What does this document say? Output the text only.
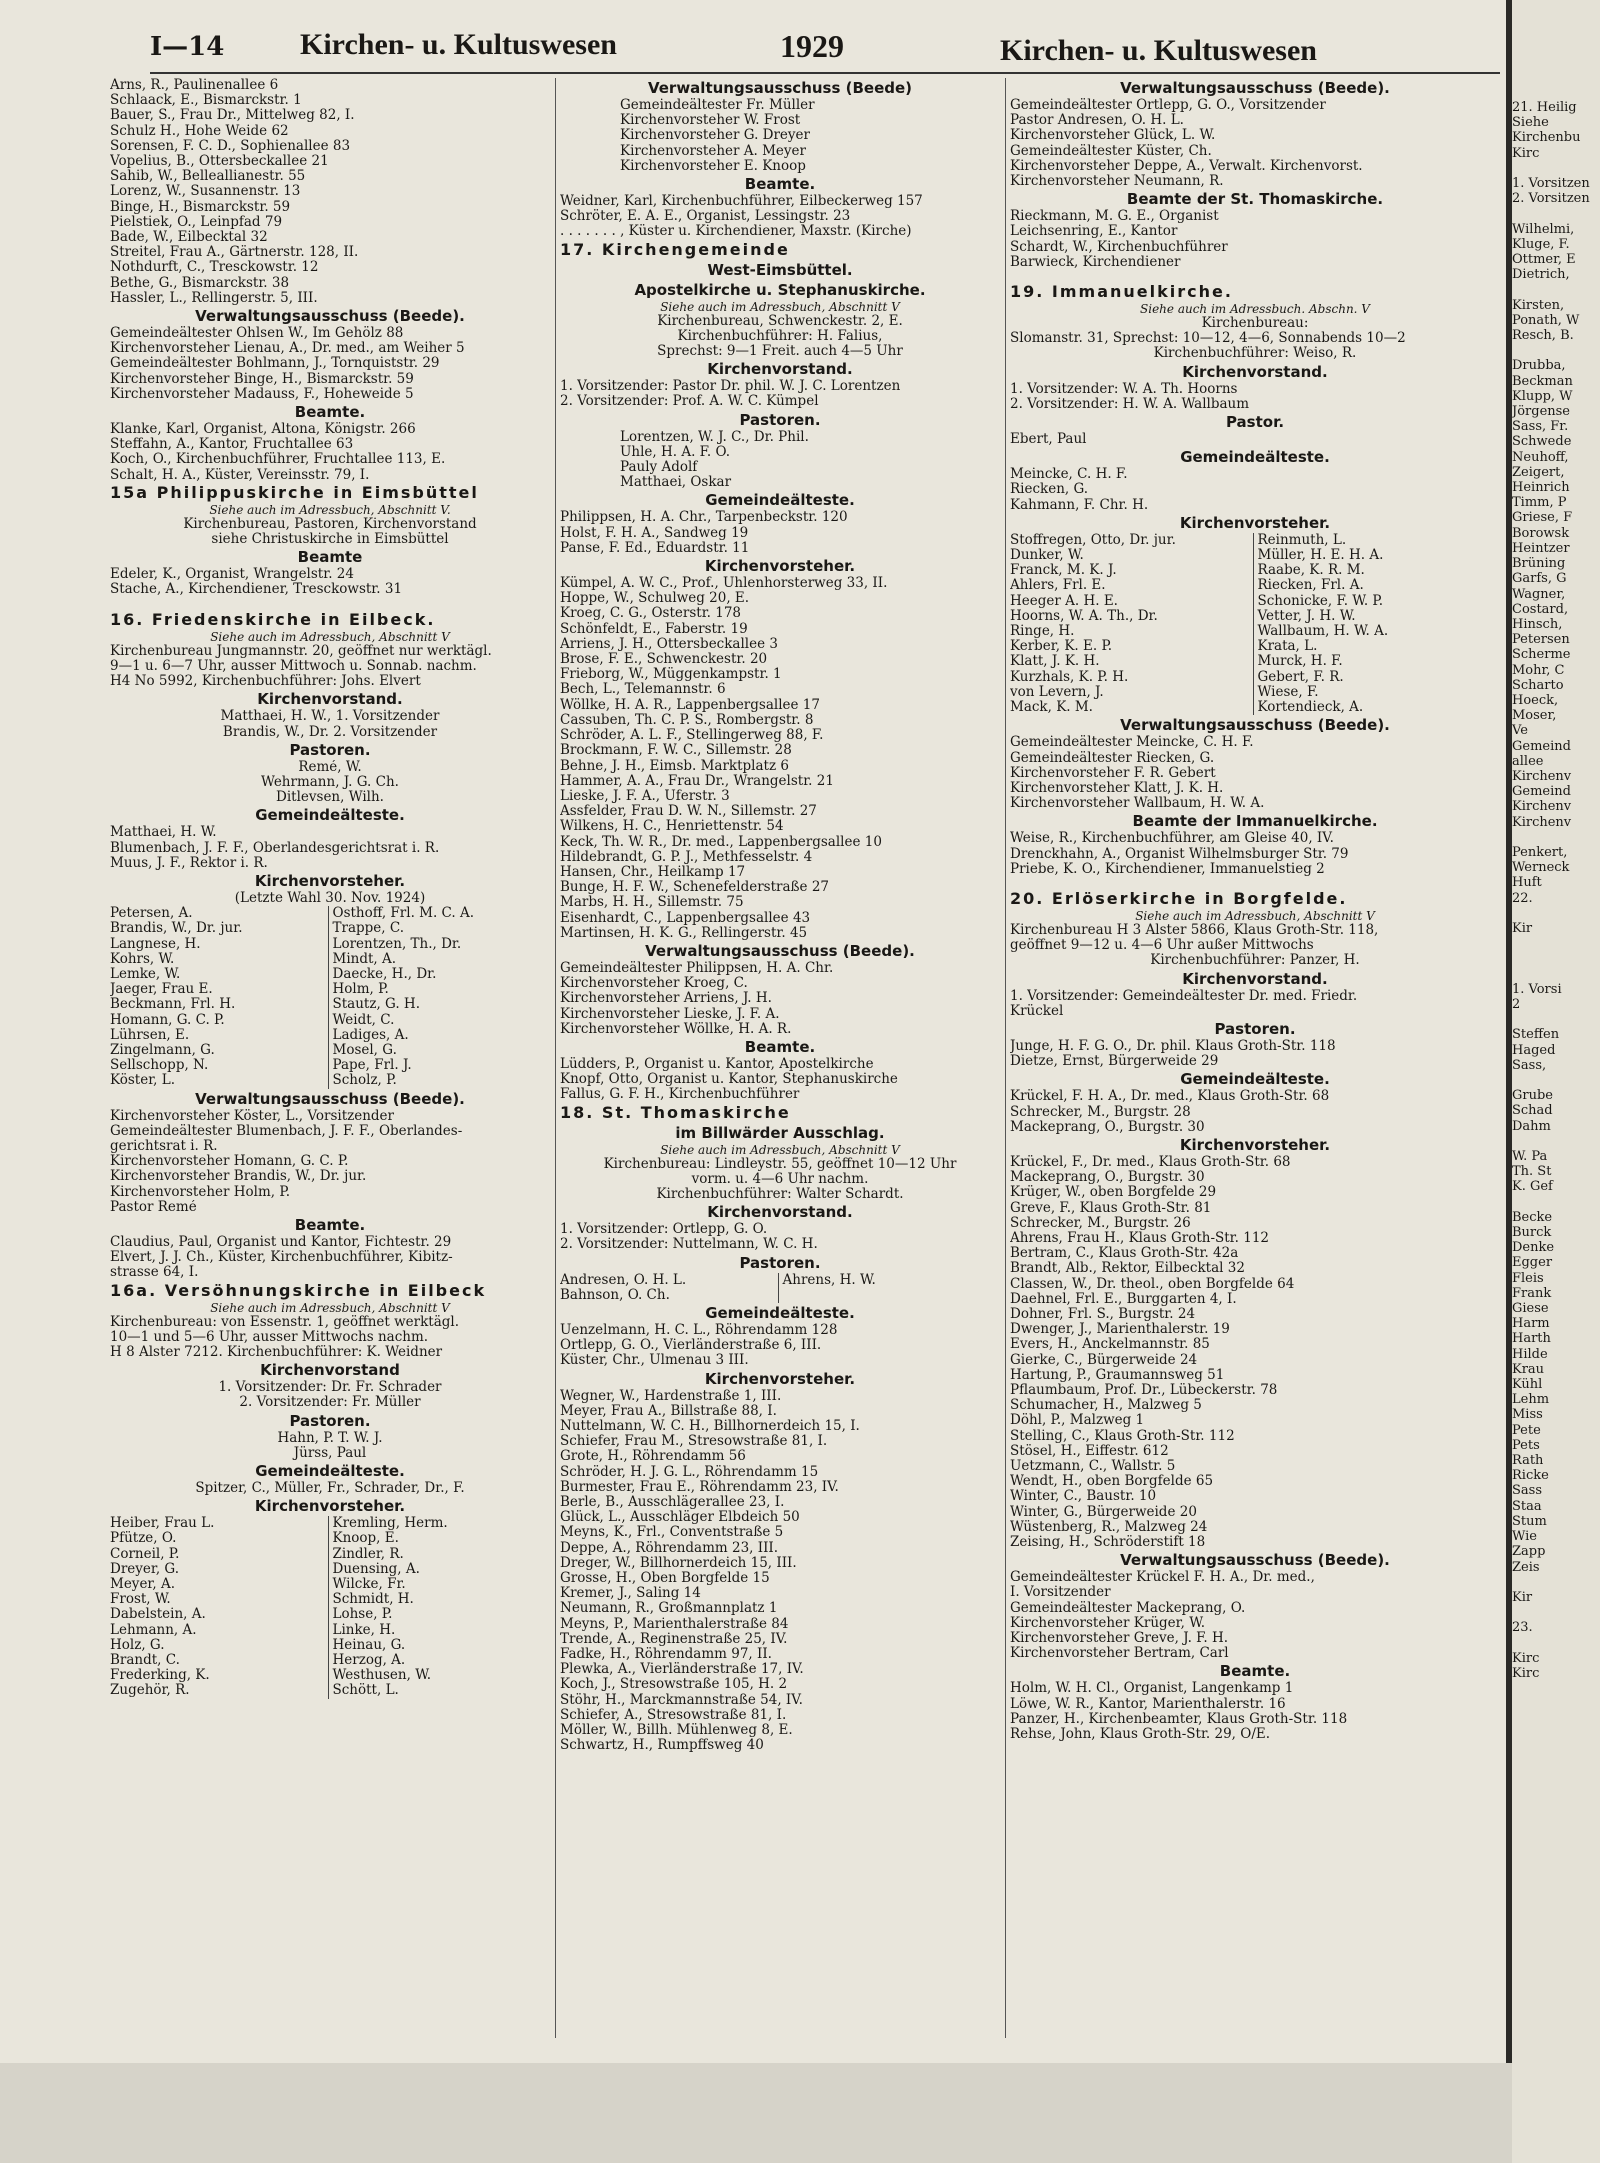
I—14	Kirchen- u. Kultuswesen	1929	Kirchen- u. Kultuswesen
Arns, R., Paulinenallee 6
Schlaack, E., Bismarckstr. 1
Bauer, S., Frau Dr., Mittelweg 82, I.
Schulz H., Hohe Weide 62
Sorensen, F. C. D., Sophienallee 83
Vopelius, B., Ottersbeckallee 21
Sahib, W., Belleallianestr. 55
Lorenz, W., Susannenstr. 13
Binge, H., Bismarckstr. 59
Pielstiek, O., Leinpfad 79
Bade, W., Eilbecktal 32
Streitel, Frau A., Gärtnerstr. 128, II.
Nothdurft, C., Tresckowstr. 12
Bethe, G., Bismarckstr. 38
Hassler, L., Rellingerstr. 5, III.
Verwaltungsausschuss (Beede).
Gemeindeältester Ohlsen W., Im Gehölz 88
Kirchenvorsteher Lienau, A., Dr. med., am Weiher 5
Gemeindeältester Bohlmann, J., Tornquiststr. 29
Kirchenvorsteher Binge, H., Bismarckstr. 59
Kirchenvorsteher Madauss, F., Hoheweide 5
Beamte.
Klanke, Karl, Organist, Altona, Königstr. 266
Steffahn, A., Kantor, Fruchtallee 63
Koch, O., Kirchenbuchführer, Fruchtallee 113, E.
Schalt, H. A., Küster, Vereinsstr. 79, I.
15a Philippuskirche in Eimsbüttel
Siehe auch im Adressbuch, Abschnitt V.
Kirchenbureau, Pastoren, Kirchenvorstand
siehe Christuskirche in Eimsbüttel
Beamte
Edeler, K., Organist, Wrangelstr. 24
Stache, A., Kirchendiener, Tresckowstr. 31
16. Friedenskirche in Eilbeck.
Siehe auch im Adressbuch, Abschnitt V
Kirchenbureau Jungmannstr. 20, geöffnet nur werktägl.
9—1 u. 6—7 Uhr, ausser Mittwoch u. Sonnab. nachm.
H4 No 5992, Kirchenbuchführer: Johs. Elvert
Kirchenvorstand.
Matthaei, H. W., 1. Vorsitzender
Brandis, W., Dr. 2. Vorsitzender
Pastoren.
Remé, W.
Wehrmann, J. G. Ch.
Ditlevsen, Wilh.
Gemeindeälteste.
Matthaei, H. W.
Blumenbach, J. F. F., Oberlandesgerichtsrat i. R.
Muus, J. F., Rektor i. R.
Kirchenvorsteher.
(Letzte Wahl 30. Nov. 1924)
Petersen, A.	Osthoff, Frl. M. C. A.
Brandis, W., Dr. jur.	Trappe, C.
Langnese, H.	Lorentzen, Th., Dr.
Kohrs, W.	Mindt, A.
Lemke, W.	Daecke, H., Dr.
Jaeger, Frau E.	Holm, P.
Beckmann, Frl. H.	Stautz, G. H.
Homann, G. C. P.	Weidt, C.
Lührsen, E.	Ladiges, A.
Zingelmann, G.	Mosel, G.
Sellschopp, N.	Pape, Frl. J.
Köster, L.	Scholz, P.
Verwaltungsausschuss (Beede).
Kirchenvorsteher Köster, L., Vorsitzender
Gemeindeältester Blumenbach, J. F. F., Oberlandes-
gerichtsrat i. R.
Kirchenvorsteher Homann, G. C. P.
Kirchenvorsteher Brandis, W., Dr. jur.
Kirchenvorsteher Holm, P.
Pastor Remé
Beamte.
Claudius, Paul, Organist und Kantor, Fichtestr. 29
Elvert, J. J. Ch., Küster, Kirchenbuchführer, Kibitz-
strasse 64, I.
16a. Versöhnungskirche in Eilbeck
Siehe auch im Adressbuch, Abschnitt V
Kirchenbureau: von Essenstr. 1, geöffnet werktägl.
10—1 und 5—6 Uhr, ausser Mittwochs nachm.
H 8 Alster 7212. Kirchenbuchführer: K. Weidner
Kirchenvorstand
1. Vorsitzender: Dr. Fr. Schrader
2. Vorsitzender: Fr. Müller
Pastoren.
Hahn, P. T. W. J.
Jürss, Paul
Gemeindeälteste.
Spitzer, C., Müller, Fr., Schrader, Dr., F.
Kirchenvorsteher.
Heiber, Frau L.	Kremling, Herm.
Pfütze, O.	Knoop, E.
Corneil, P.	Zindler, R.
Dreyer, G.	Duensing, A.
Meyer, A.	Wilcke, Fr.
Frost, W.	Schmidt, H.
Dabelstein, A.	Lohse, P.
Lehmann, A.	Linke, H.
Holz, G.	Heinau, G.
Brandt, C.	Herzog, A.
Frederking, K.	Westhusen, W.
Zugehör, R.	Schött, L.
Verwaltungsausschuss (Beede)
Gemeindeältester Fr. Müller
Kirchenvorsteher W. Frost
Kirchenvorsteher G. Dreyer
Kirchenvorsteher A. Meyer
Kirchenvorsteher E. Knoop
Beamte.
Weidner, Karl, Kirchenbuchführer, Eilbeckerweg 157
Schröter, E. A. E., Organist, Lessingstr. 23
. . . . . . . , Küster u. Kirchendiener, Maxstr. (Kirche)
17. Kirchengemeinde
West-Eimsbüttel.
Apostelkirche u. Stephanuskirche.
Siehe auch im Adressbuch, Abschnitt V
Kirchenbureau, Schwenckestr. 2, E.
Kirchenbuchführer: H. Falius,
Sprechst: 9—1 Freit. auch 4—5 Uhr
Kirchenvorstand.
1. Vorsitzender: Pastor Dr. phil. W. J. C. Lorentzen
2. Vorsitzender: Prof. A. W. C. Kümpel
Pastoren.
Lorentzen, W. J. C., Dr. Phil.
Uhle, H. A. F. O.
Pauly Adolf
Matthaei, Oskar
Gemeindeälteste.
Philippsen, H. A. Chr., Tarpenbeckstr. 120
Holst, F. H. A., Sandweg 19
Panse, F. Ed., Eduardstr. 11
Kirchenvorsteher.
Kümpel, A. W. C., Prof., Uhlenhorsterweg 33, II.
Hoppe, W., Schulweg 20, E.
Kroeg, C. G., Osterstr. 178
Schönfeldt, E., Faberstr. 19
Arriens, J. H., Ottersbeckallee 3
Brose, F. E., Schwenckestr. 20
Frieborg, W., Müggenkampstr. 1
Bech, L., Telemannstr. 6
Wöllke, H. A. R., Lappenbergsallee 17
Cassuben, Th. C. P. S., Rombergstr. 8
Schröder, A. L. F., Stellingerweg 88, F.
Brockmann, F. W. C., Sillemstr. 28
Behne, J. H., Eimsb. Marktplatz 6
Hammer, A. A., Frau Dr., Wrangelstr. 21
Lieske, J. F. A., Uferstr. 3
Assfelder, Frau D. W. N., Sillemstr. 27
Wilkens, H. C., Henriettenstr. 54
Keck, Th. W. R., Dr. med., Lappenbergsallee 10
Hildebrandt, G. P. J., Methfesselstr. 4
Hansen, Chr., Heilkamp 17
Bunge, H. F. W., Schenefelderstraße 27
Marbs, H. H., Sillemstr. 75
Eisenhardt, C., Lappenbergsallee 43
Martinsen, H. K. G., Rellingerstr. 45
Verwaltungsausschuss (Beede).
Gemeindeältester Philippsen, H. A. Chr.
Kirchenvorsteher Kroeg, C.
Kirchenvorsteher Arriens, J. H.
Kirchenvorsteher Lieske, J. F. A.
Kirchenvorsteher Wöllke, H. A. R.
Beamte.
Lüdders, P., Organist u. Kantor, Apostelkirche
Knopf, Otto, Organist u. Kantor, Stephanuskirche
Fallus, G. F. H., Kirchenbuchführer
18. St. Thomaskirche
im Billwärder Ausschlag.
Siehe auch im Adressbuch, Abschnitt V
Kirchenbureau: Lindleystr. 55, geöffnet 10—12 Uhr
vorm. u. 4—6 Uhr nachm.
Kirchenbuchführer: Walter Schardt.
Kirchenvorstand.
1. Vorsitzender: Ortlepp, G. O.
2. Vorsitzender: Nuttelmann, W. C. H.
Pastoren.
Andresen, O. H. L.	Ahrens, H. W.
Bahnson, O. Ch.
Gemeindeälteste.
Uenzelmann, H. C. L., Röhrendamm 128
Ortlepp, G. O., Vierländerstraße 6, III.
Küster, Chr., Ulmenau 3 III.
Kirchenvorsteher.
Wegner, W., Hardenstraße 1, III.
Meyer, Frau A., Billstraße 88, I.
Nuttelmann, W. C. H., Billhornerdeich 15, I.
Schiefer, Frau M., Stresowstraße 81, I.
Grote, H., Röhrendamm 56
Schröder, H. J. G. L., Röhrendamm 15
Burmester, Frau E., Röhrendamm 23, IV.
Berle, B., Ausschlägerallee 23, I.
Glück, L., Ausschläger Elbdeich 50
Meyns, K., Frl., Conventstraße 5
Deppe, A., Röhrendamm 23, III.
Dreger, W., Billhornerdeich 15, III.
Grosse, H., Oben Borgfelde 15
Kremer, J., Saling 14
Neumann, R., Großmannplatz 1
Meyns, P., Marienthalerstraße 84
Trende, A., Reginenstraße 25, IV.
Fadke, H., Röhrendamm 97, II.
Plewka, A., Vierländerstraße 17, IV.
Koch, J., Stresowstraße 105, H. 2
Stöhr, H., Marckmannstraße 54, IV.
Schiefer, A., Stresowstraße 81, I.
Möller, W., Billh. Mühlenweg 8, E.
Schwartz, H., Rumpffsweg 40
Verwaltungsausschuss (Beede).
Gemeindeältester Ortlepp, G. O., Vorsitzender
Pastor Andresen, O. H. L.
Kirchenvorsteher Glück, L. W.
Gemeindeältester Küster, Ch.
Kirchenvorsteher Deppe, A., Verwalt. Kirchenvorst.
Kirchenvorsteher Neumann, R.
Beamte der St. Thomaskirche.
Rieckmann, M. G. E., Organist
Leichsenring, E., Kantor
Schardt, W., Kirchenbuchführer
Barwieck, Kirchendiener
19. Immanuelkirche.
Siehe auch im Adressbuch. Abschn. V
Kirchenbureau:
Slomanstr. 31, Sprechst: 10—12, 4—6, Sonnabends 10—2
Kirchenbuchführer: Weiso, R.
Kirchenvorstand.
1. Vorsitzender: W. A. Th. Hoorns
2. Vorsitzender: H. W. A. Wallbaum
Pastor.
Ebert, Paul
Gemeindeälteste.
Meincke, C. H. F.
Riecken, G.
Kahmann, F. Chr. H.
Kirchenvorsteher.
Stoffregen, Otto, Dr. jur.	Reinmuth, L.
Dunker, W.	Müller, H. E. H. A.
Franck, M. K. J.	Raabe, K. R. M.
Ahlers, Frl. E.	Riecken, Frl. A.
Heeger A. H. E.	Schonicke, F. W. P.
Hoorns, W. A. Th., Dr.	Vetter, J. H. W.
Ringe, H.	Wallbaum, H. W. A.
Kerber, K. E. P.	Krata, L.
Klatt, J. K. H.	Murck, H. F.
Kurzhals, K. P. H.	Gebert, F. R.
von Levern, J.	Wiese, F.
Mack, K. M.	Kortendieck, A.
Verwaltungsausschuss (Beede).
Gemeindeältester Meincke, C. H. F.
Gemeindeältester Riecken, G.
Kirchenvorsteher F. R. Gebert
Kirchenvorsteher Klatt, J. K. H.
Kirchenvorsteher Wallbaum, H. W. A.
Beamte der Immanuelkirche.
Weise, R., Kirchenbuchführer, am Gleise 40, IV.
Drenckhahn, A., Organist Wilhelmsburger Str. 79
Priebe, K. O., Kirchendiener, Immanuelstieg 2
20. Erlöserkirche in Borgfelde.
Siehe auch im Adressbuch, Abschnitt V
Kirchenbureau H 3 Alster 5866, Klaus Groth-Str. 118,
geöffnet 9—12 u. 4—6 Uhr außer Mittwochs
Kirchenbuchführer: Panzer, H.
Kirchenvorstand.
1. Vorsitzender: Gemeindeältester Dr. med. Friedr.
Krückel
Pastoren.
Junge, H. F. G. O., Dr. phil. Klaus Groth-Str. 118
Dietze, Ernst, Bürgerweide 29
Gemeindeälteste.
Krückel, F. H. A., Dr. med., Klaus Groth-Str. 68
Schrecker, M., Burgstr. 28
Mackeprang, O., Burgstr. 30
Kirchenvorsteher.
Krückel, F., Dr. med., Klaus Groth-Str. 68
Mackeprang, O., Burgstr. 30
Krüger, W., oben Borgfelde 29
Greve, F., Klaus Groth-Str. 81
Schrecker, M., Burgstr. 26
Ahrens, Frau H., Klaus Groth-Str. 112
Bertram, C., Klaus Groth-Str. 42a
Brandt, Alb., Rektor, Eilbecktal 32
Classen, W., Dr. theol., oben Borgfelde 64
Daehnel, Frl. E., Burggarten 4, I.
Dohner, Frl. S., Burgstr. 24
Dwenger, J., Marienthalerstr. 19
Evers, H., Anckelmannstr. 85
Gierke, C., Bürgerweide 24
Hartung, P., Graumannsweg 51
Pflaumbaum, Prof. Dr., Lübeckerstr. 78
Schumacher, H., Malzweg 5
Döhl, P., Malzweg 1
Stelling, C., Klaus Groth-Str. 112
Stösel, H., Eiffestr. 612
Uetzmann, C., Wallstr. 5
Wendt, H., oben Borgfelde 65
Winter, C., Baustr. 10
Winter, G., Bürgerweide 20
Wüstenberg, R., Malzweg 24
Zeising, H., Schröderstift 18
Verwaltungsausschuss (Beede).
Gemeindeältester Krückel F. H. A., Dr. med.,
I. Vorsitzender
Gemeindeältester Mackeprang, O.
Kirchenvorsteher Krüger, W.
Kirchenvorsteher Greve, J. F. H.
Kirchenvorsteher Bertram, Carl
Beamte.
Holm, W. H. Cl., Organist, Langenkamp 1
Löwe, W. R., Kantor, Marienthalerstr. 16
Panzer, H., Kirchenbeamter, Klaus Groth-Str. 118
Rehse, John, Klaus Groth-Str. 29, O/E.
21. Heilig
Siehe
Kirchenbu
Kirc

1. Vorsitzen
2. Vorsitzen

Wilhelmi,
Kluge, F.
Ottmer, E
Dietrich,

Kirsten,
Ponath, W
Resch, B.

Drubba,
Beckman
Klupp, W
Jörgense
Sass, Fr.
Schwede
Neuhoff,
Zeigert,
Heinrich
Timm, P
Griese, F
Borowsk
Heintzer
Brüning
Garfs, G
Wagner,
Costard,
Hinsch,
Petersen
Scherme
Mohr, C
Scharto
Hoeck,
Moser,
Ve
Gemeind
allee
Kirchenv
Gemeind
Kirchenv
Kirchenv

Penkert,
Werneck
Huft
22.

Kir

1. Vorsi
2

Steffen
Haged
Sass,

Grube
Schad
Dahm

W. Pa
Th. St
K. Gef

Becke
Burck
Denke
Egger
Fleis
Frank
Giese
Harm
Harth
Hilde
Krau
Kühl
Lehm
Miss
Pete
Pets
Rath
Ricke
Sass
Staa
Stum
Wie
Zapp
Zeis

Kir

23.

Kirc
Kirc
